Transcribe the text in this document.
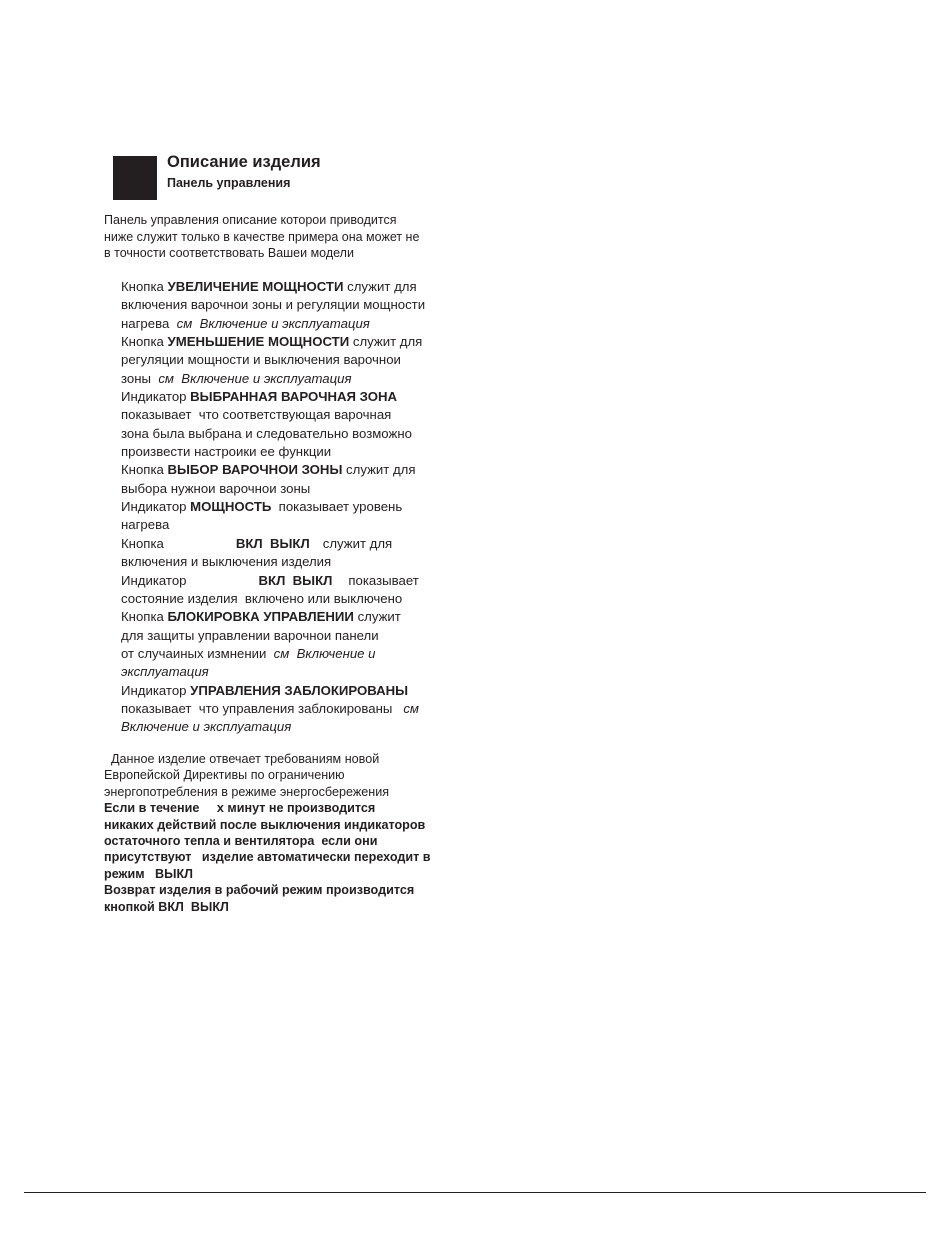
Описание изделия
Панель управления
Панель управления описание которои приводится
ниже служит только в качестве примера она может не
в точности соответствовать Вашеи модели
Кнопка УВЕЛИЧЕНИЕ МОЩНОСТИ служит для
включения варочнои зоны и регуляции мощности
нагрева  см  Включение и эксплуатация
Кнопка УМЕНЬШЕНИЕ МОЩНОСТИ служит для
регуляции мощности и выключения варочнои
зоны  см  Включение и эксплуатация
Индикатор ВЫБРАННАЯ ВАРОЧНАЯ ЗОНА
показывает  что соответствующая варочная
зона была выбрана и следовательно возможно
произвести настроики ее функции
Кнопка ВЫБОР ВАРОЧНОИ ЗОНЫ служит для
выбора нужнои варочнои зоны
Индикатор МОЩНОСТЬ  показывает уровень
нагрева
Кнопка	ВКЛ  ВЫКЛ служит для
включения и выключения изделия
Индикатор	ВКЛ  ВЫКЛ показывает
состояние изделия  включено или выключено
Кнопка БЛОКИРОВКА УПРАВЛЕНИИ служит
для защиты управлении варочнои панели
от случаиных измнении  см  Включение и
эксплуатация
Индикатор УПРАВЛЕНИЯ ЗАБЛОКИРОВАНЫ
показывает  что управления заблокированы   см
Включение и эксплуатация
Данное изделие отвечает требованиям новой
Европейской Директивы по ограничению
энергопотребления в режиме энергосбережения
Если в течение     х минут не производится
никаких действий после выключения индикаторов
остаточного тепла и вентилятора  если они
присутствуют   изделие автоматически переходит в
режим   ВЫКЛ
Возврат изделия в рабочий режим производится
кнопкой ВКЛ  ВЫКЛ
